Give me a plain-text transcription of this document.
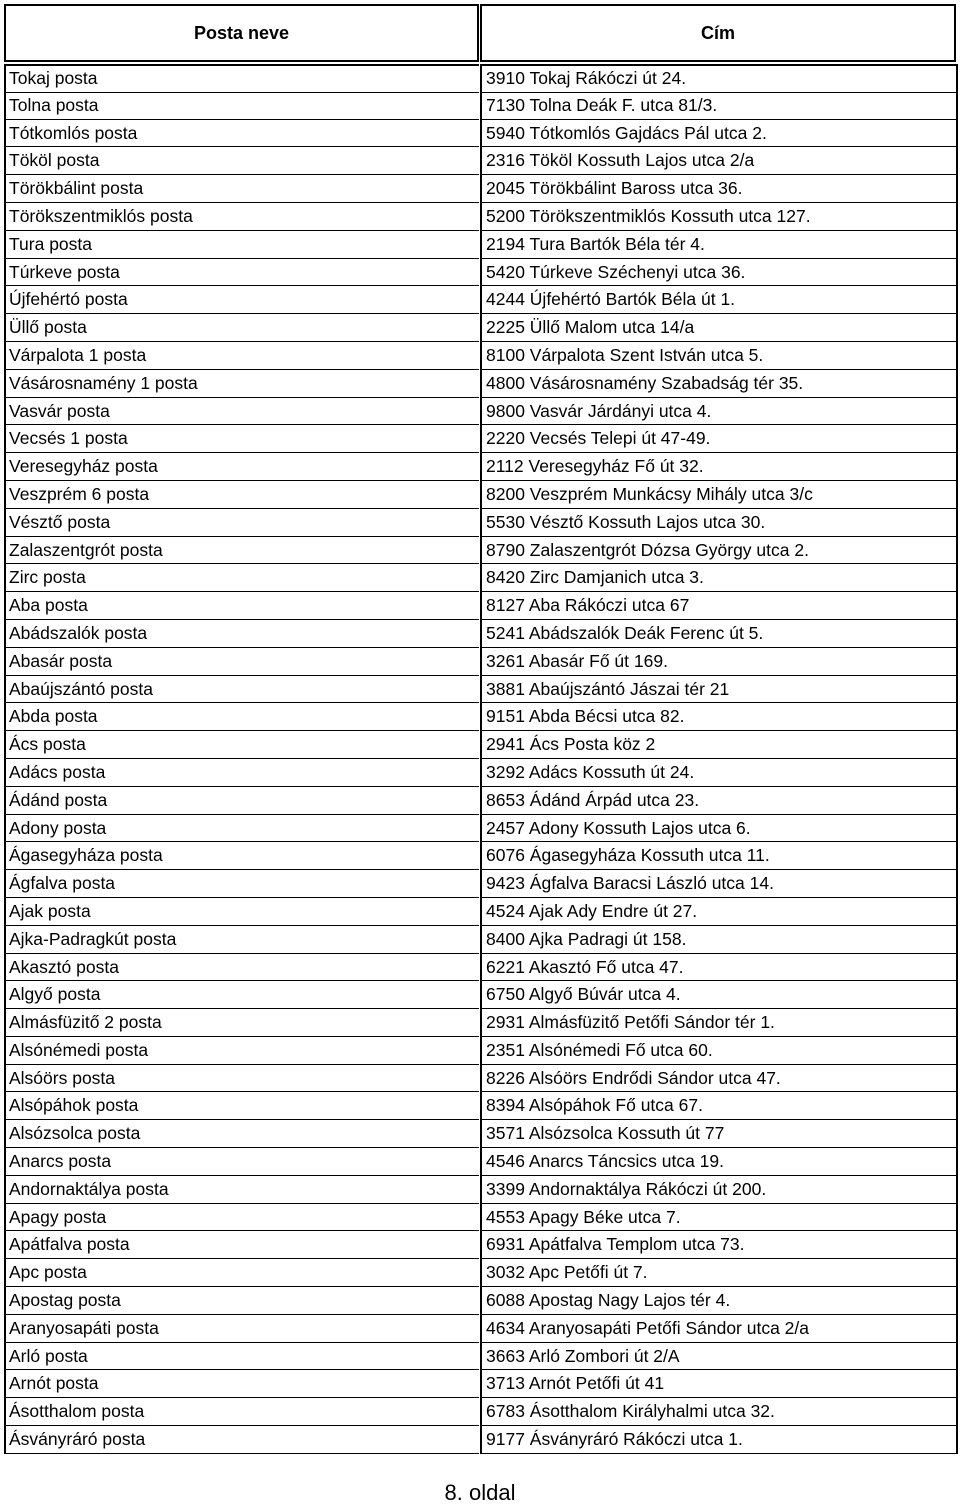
Posta neve	Cím
Tokaj posta	3910 Tokaj Rákóczi út 24.
Tolna posta	7130 Tolna Deák F. utca 81/3.
Tótkomlós posta	5940 Tótkomlós Gajdács Pál utca 2.
Tököl posta	2316 Tököl Kossuth Lajos utca 2/a
Törökbálint posta	2045 Törökbálint Baross utca 36.
Törökszentmiklós posta	5200 Törökszentmiklós Kossuth utca 127.
Tura posta	2194 Tura Bartók Béla tér 4.
Túrkeve posta	5420 Túrkeve Széchenyi utca 36.
Újfehértó posta	4244 Újfehértó Bartók Béla út 1.
Üllő posta	2225 Üllő Malom utca 14/a
Várpalota 1 posta	8100 Várpalota Szent István utca 5.
Vásárosnamény 1 posta	4800 Vásárosnamény Szabadság tér 35.
Vasvár posta	9800 Vasvár Járdányi utca 4.
Vecsés 1 posta	2220 Vecsés Telepi út 47-49.
Veresegyház posta	2112 Veresegyház Fő út 32.
Veszprém 6 posta	8200 Veszprém Munkácsy Mihály utca 3/c
Vésztő posta	5530 Vésztő Kossuth Lajos utca 30.
Zalaszentgrót posta	8790 Zalaszentgrót Dózsa György utca 2.
Zirc posta	8420 Zirc Damjanich utca 3.
Aba posta	8127 Aba Rákóczi utca 67
Abádszalók posta	5241 Abádszalók Deák Ferenc út 5.
Abasár posta	3261 Abasár Fő út 169.
Abaújszántó posta	3881 Abaújszántó Jászai tér 21
Abda posta	9151 Abda Bécsi utca 82.
Ács posta	2941 Ács Posta köz 2
Adács posta	3292 Adács Kossuth út 24.
Ádánd posta	8653 Ádánd Árpád utca 23.
Adony posta	2457 Adony Kossuth Lajos utca 6.
Ágasegyháza posta	6076 Ágasegyháza Kossuth utca 11.
Ágfalva posta	9423 Ágfalva Baracsi László utca 14.
Ajak posta	4524 Ajak Ady Endre út 27.
Ajka-Padragkút posta	8400 Ajka Padragi út 158.
Akasztó posta	6221 Akasztó Fő utca 47.
Algyő posta	6750 Algyő Búvár utca 4.
Almásfüzitő 2 posta	2931 Almásfüzitő Petőfi Sándor tér 1.
Alsónémedi posta	2351 Alsónémedi Fő utca 60.
Alsóörs posta	8226 Alsóörs Endrődi Sándor utca 47.
Alsópáhok posta	8394 Alsópáhok Fő utca 67.
Alsózsolca posta	3571 Alsózsolca Kossuth út 77
Anarcs posta	4546 Anarcs Táncsics utca 19.
Andornaktálya posta	3399 Andornaktálya Rákóczi út 200.
Apagy posta	4553 Apagy Béke utca 7.
Apátfalva posta	6931 Apátfalva Templom utca 73.
Apc posta	3032 Apc Petőfi út 7.
Apostag posta	6088 Apostag Nagy Lajos tér 4.
Aranyosapáti posta	4634 Aranyosapáti Petőfi Sándor utca 2/a
Arló posta	3663 Arló Zombori út 2/A
Arnót posta	3713 Arnót Petőfi út 41
Ásotthalom posta	6783 Ásotthalom Királyhalmi utca 32.
Ásványráró posta	9177 Ásványráró Rákóczi utca 1.
8. oldal
